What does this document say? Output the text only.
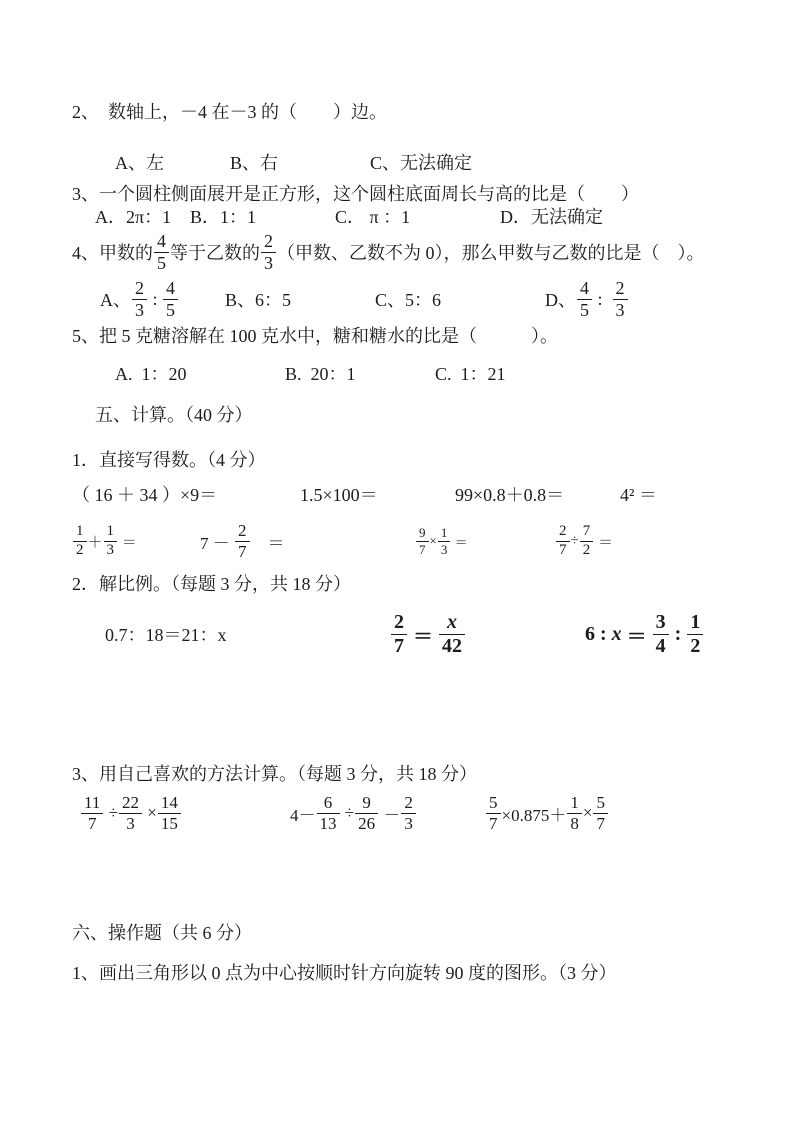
2、  数轴上，－4 在－3 的（　　）边。

A、左	B、右	C、无法确定

3、一个圆柱侧面展开是正方形，这个圆柱底面周长与高的比是（　　）

A．2π：1 B．1：1	C． π ：1	D．无法确定

4、甲数的 $\frac{4}{5}$ 等于乙数的 $\frac{2}{3}$ （甲数、乙数不为 0），那么甲数与乙数的比是（　）。
A、 $\frac{2}{3}$ : $\frac{4}{5}$	B、6：5	C、5：6	D、 $\frac{4}{5}$ : $\frac{2}{3}$

5、把 5 克糖溶解在 100 克水中，糖和糖水的比是（　　　）。

A.  1：20	B.  20：1	C.  1：21

五、计算。（40 分）

1．直接写得数。（4 分）

（ 16 ＋ 34 ）×9＝	1.5×100＝	99×0.8＋0.8＝	4² ＝

$\frac{1}{2} + \frac{1}{3}$ ＝	$7 - \frac{2}{7}$ 　＝	$\frac{9}{7} \times \frac{1}{3}$ ＝	$\frac{2}{7} \div \frac{7}{2}$ ＝

2．解比例。（每题 3 分，共 18 分）

0.7：18＝21：x	$\frac{2}{7} = \frac{x}{42}$	6 : $x = \frac{3}{4}$ : $\frac{1}{2}$

3、用自己喜欢的方法计算。（每题 3 分，共 18 分）

$\frac{11}{7} \div \frac{22}{3} \times \frac{14}{15}$	$4- \frac{6}{13} \div \frac{9}{26} - \frac{2}{3}$	$\frac{5}{7} \times 0.875+ \frac{1}{8} \times \frac{5}{7}$

六、操作题（共 6 分）

1、画出三角形以 0 点为中心按顺时针方向旋转 90 度的图形。（3 分）
